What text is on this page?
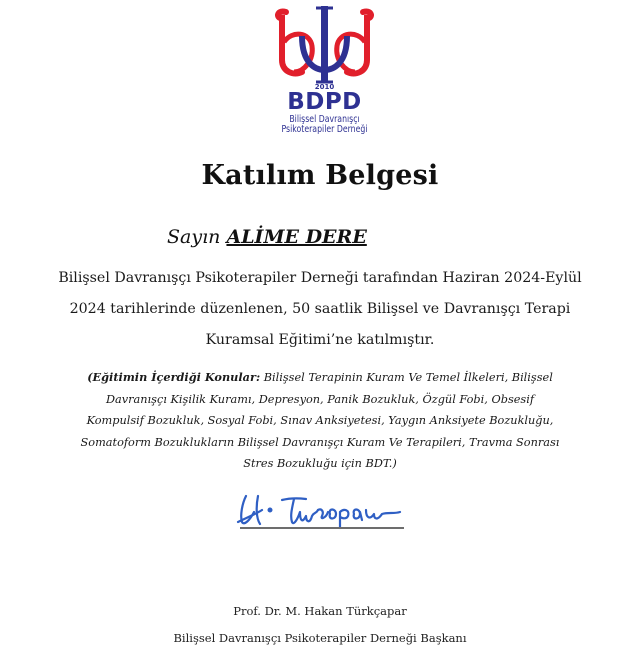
2010
BDPD
Bilişsel Davranışçı
Psikoterapiler Derneği
Katılım Belgesi
Sayın ALİME DERE
Bilişsel Davranışçı Psikoterapiler Derneği tarafından Haziran 2024-Eylül 2024 tarihlerinde düzenlenen, 50 saatlik Bilişsel ve Davranışçı Terapi Kuramsal Eğitimi’ne katılmıştır.
(Eğitimin İçerdiği Konular: Bilişsel Terapinin Kuram Ve Temel İlkeleri, Bilişsel Davranışçı Kişilik Kuramı, Depresyon, Panik Bozukluk, Özgül Fobi, Obsesif Kompulsif Bozukluk, Sosyal Fobi, Sınav Anksiyetesi, Yaygın Anksiyete Bozukluğu, Somatoform Bozuklukların Bilişsel Davranışçı Kuram Ve Terapileri, Travma Sonrası Stres Bozukluğu için BDT.)
Prof. Dr. M. Hakan Türkçapar
Bilişsel Davranışçı Psikoterapiler Derneği Başkanı
